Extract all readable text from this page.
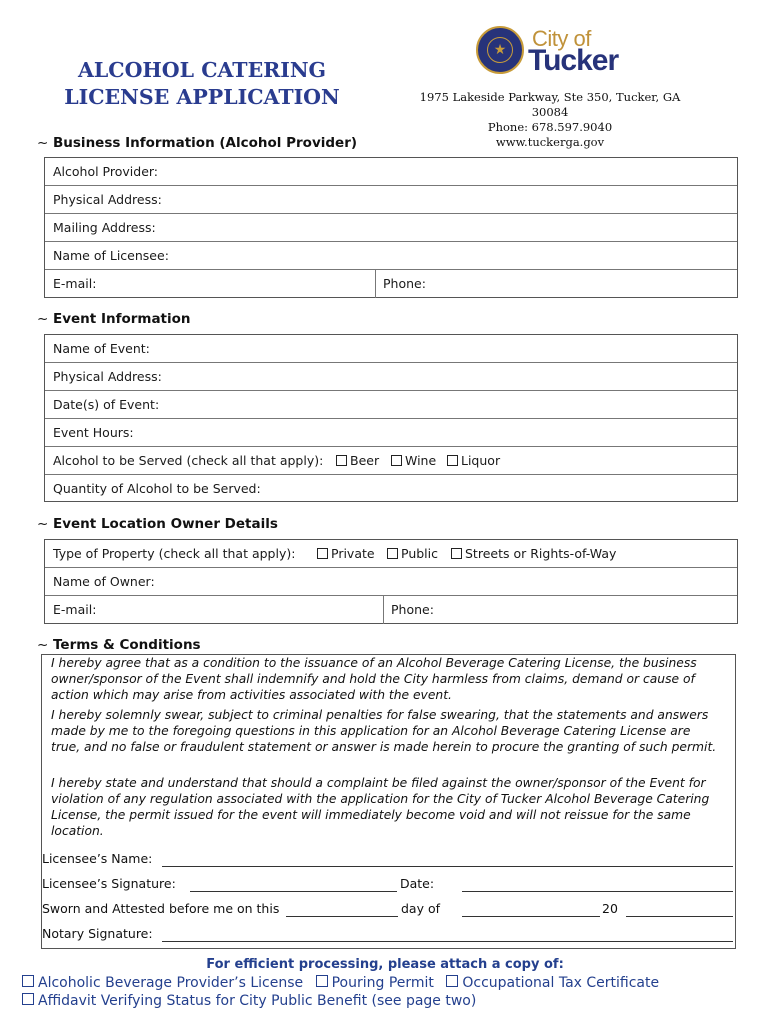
ALCOHOL CATERING
LICENSE APPLICATION
★	City of
Tucker
1975 Lakeside Parkway, Ste 350, Tucker, GA 30084
Phone: 678.597.9040
www.tuckerga.gov
~ Business Information (Alcohol Provider)
Alcohol Provider:
Physical Address:
Mailing Address:
Name of Licensee:
E-mail:	Phone:
~ Event Information
Name of Event:
Physical Address:
Date(s) of Event:
Event Hours:
Alcohol to be Served (check all that apply):	Beer	Wine	Liquor
Quantity of Alcohol to be Served:
~ Event Location Owner Details
Type of Property (check all that apply):	Private	Public	Streets or Rights-of-Way
Name of Owner:
E-mail:	Phone:
~ Terms & Conditions
I hereby agree that as a condition to the issuance of an Alcohol Beverage Catering License, the business owner/sponsor of the Event shall indemnify and hold the City harmless from claims, demand or cause of action which may arise from activities associated with the event.
I hereby solemnly swear, subject to criminal penalties for false swearing, that the statements and answers made by me to the foregoing questions in this application for an Alcohol Beverage Catering License are true, and no false or fraudulent statement or answer is made herein to procure the granting of such permit.
I hereby state and understand that should a complaint be filed against the owner/sponsor of the Event for violation of any regulation associated with the application for the City of Tucker Alcohol Beverage Catering License, the permit issued for the event will immediately become void and will not reissue for the same location.
Licensee’s Name:
Licensee’s Signature:	Date:
Sworn and Attested before me on this	day of	20
Notary Signature:
For efficient processing, please attach a copy of:
Alcoholic Beverage Provider’s License Pouring Permit Occupational Tax Certificate
Affidavit Verifying Status for City Public Benefit (see page two)
